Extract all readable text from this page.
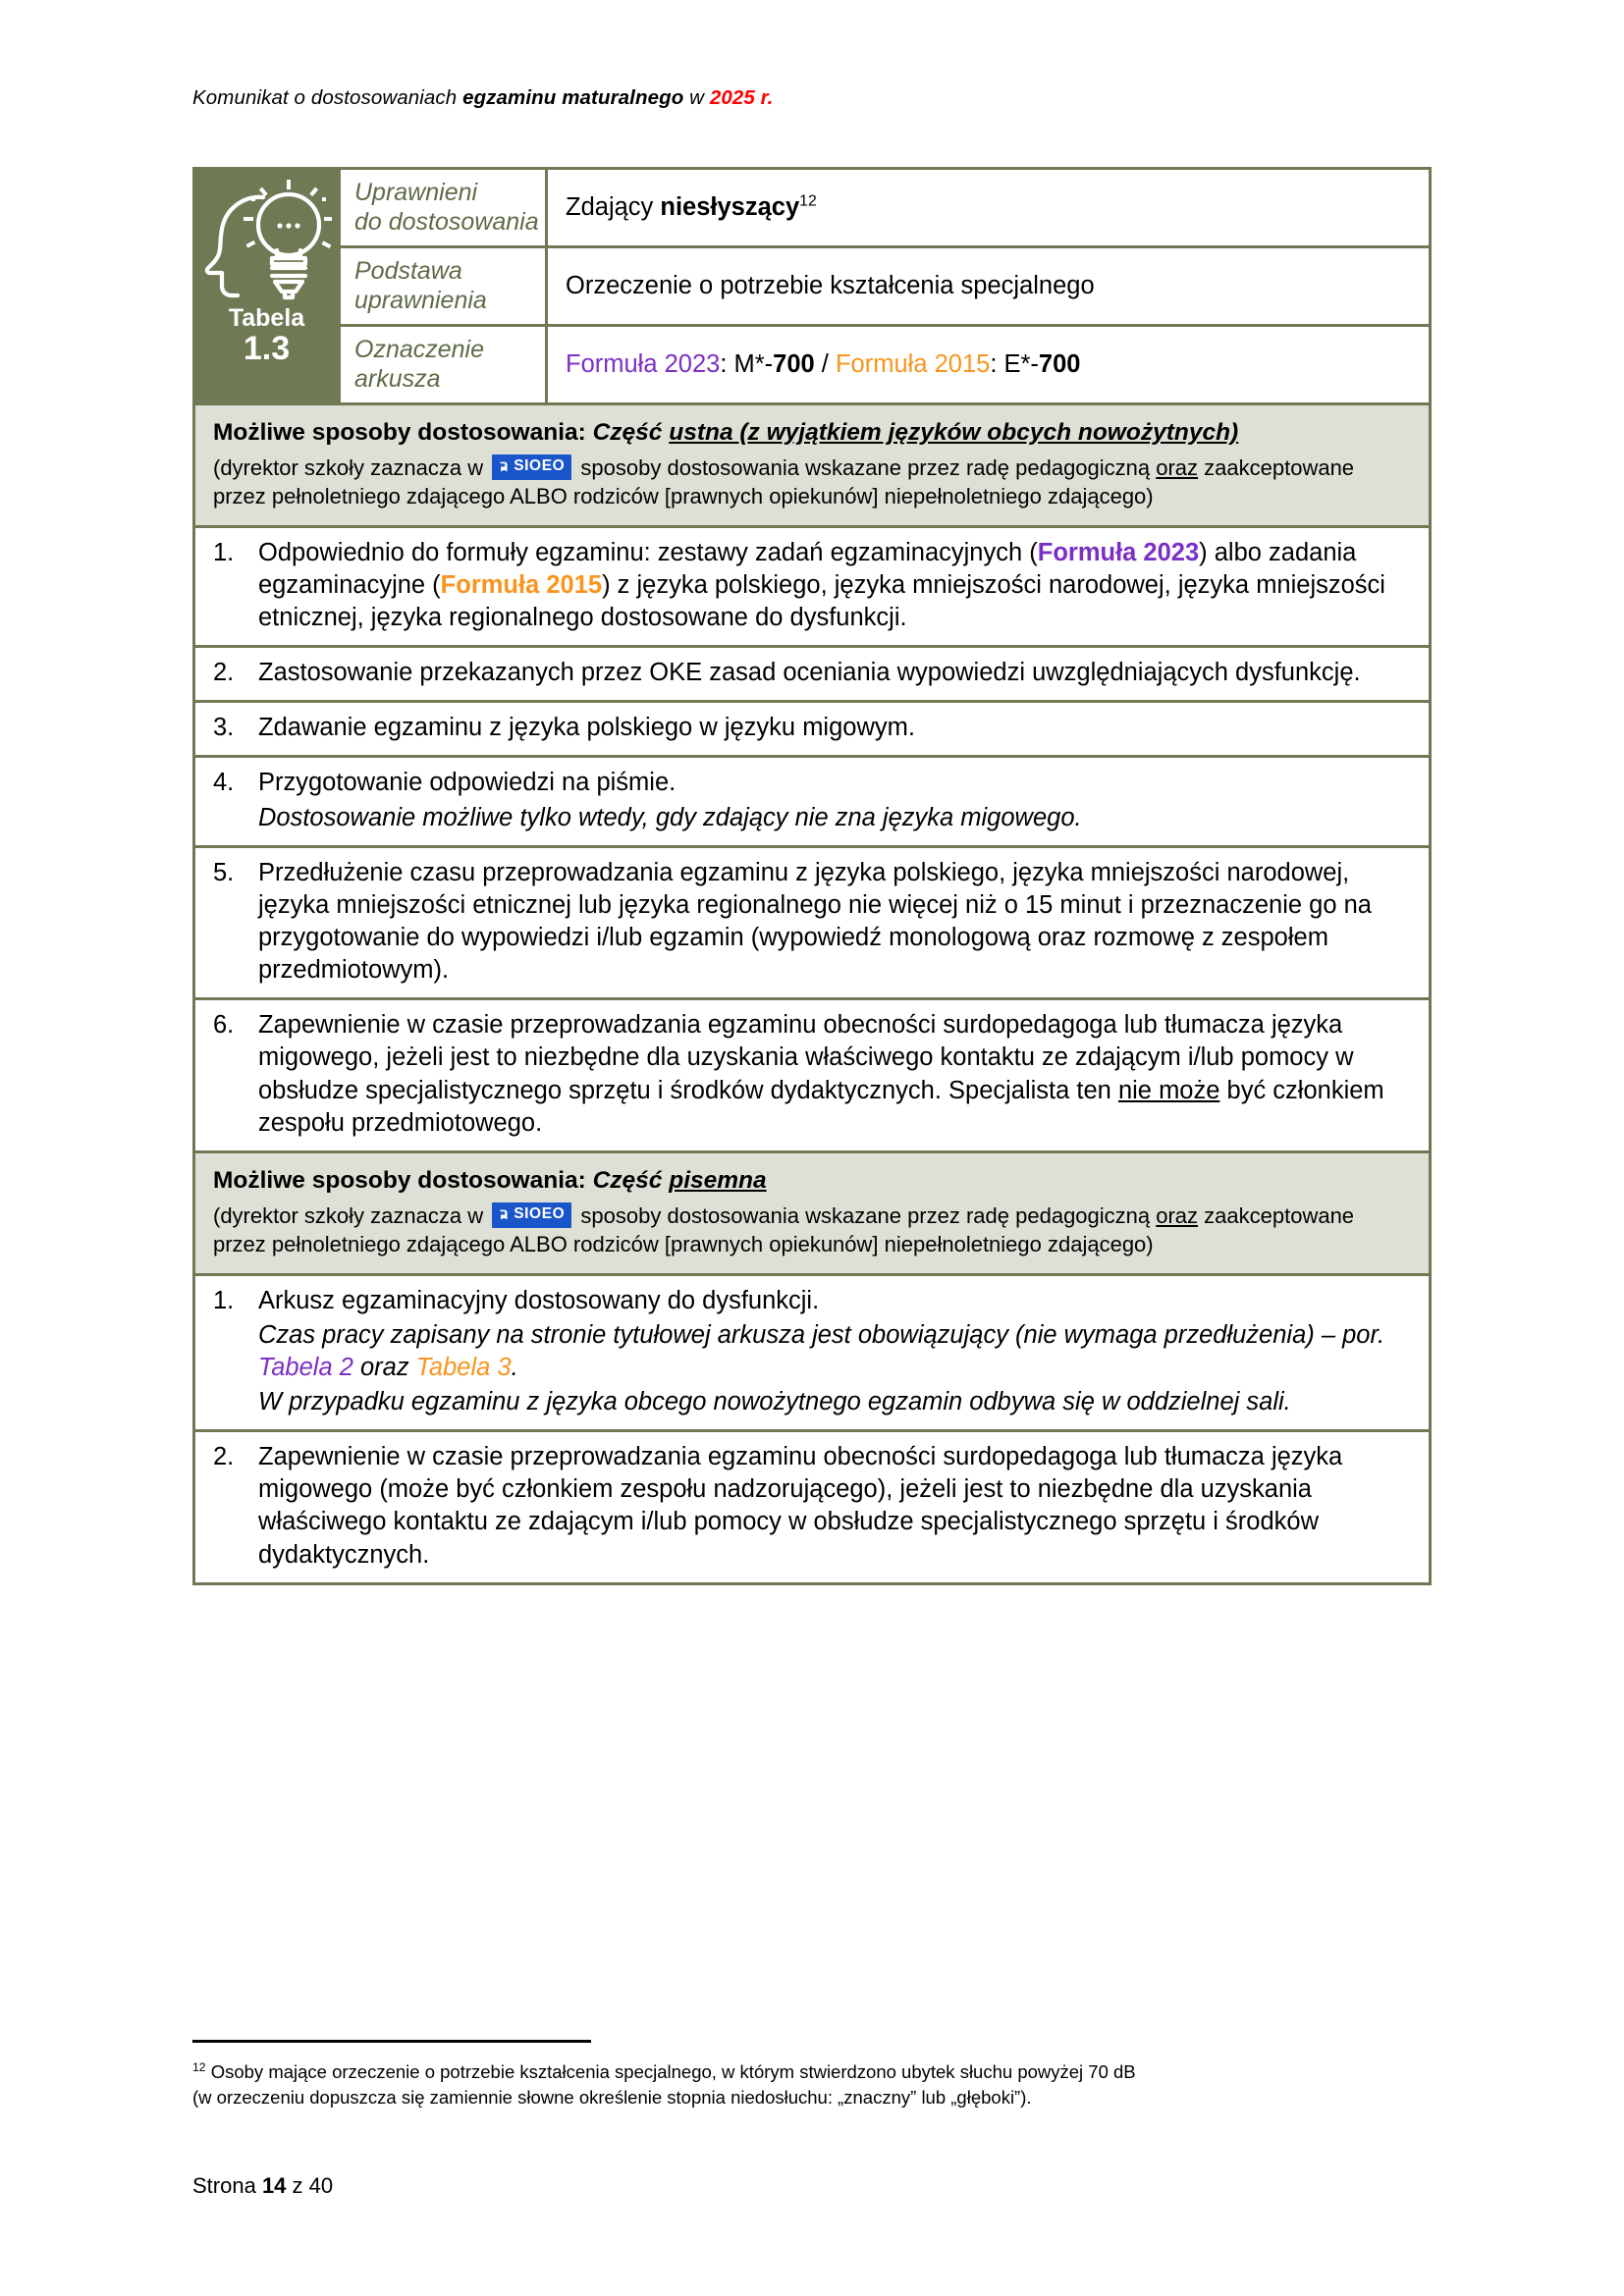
Komunikat o dostosowaniach egzaminu maturalnego w 2025 r.
Tabela
1.3
Uprawnieni
do dostosowania
Zdający niesłyszący$^{12}$
Podstawa
uprawnienia
Orzeczenie o potrzebie kształcenia specjalnego
Oznaczenie
arkusza
Formuła 2023: M*-700 / Formuła 2015: E*-700
Możliwe sposoby dostosowania: Część ustna (z wyjątkiem języków obcych nowożytnych)
(dyrektor szkoły zaznacza w SIOEO sposoby dostosowania wskazane przez radę pedagogiczną oraz zaakceptowane przez pełnoletniego zdającego ALBO rodziców [prawnych opiekunów] niepełnoletniego zdającego)
1. Odpowiednio do formuły egzaminu: zestawy zadań egzaminacyjnych (Formuła 2023) albo zadania egzaminacyjne (Formuła 2015) z języka polskiego, języka mniejszości narodowej, języka mniejszości etnicznej, języka regionalnego dostosowane do dysfunkcji.
2. Zastosowanie przekazanych przez OKE zasad oceniania wypowiedzi uwzględniających dysfunkcję.
3. Zdawanie egzaminu z języka polskiego w języku migowym.
4. Przygotowanie odpowiedzi na piśmie.
Dostosowanie możliwe tylko wtedy, gdy zdający nie zna języka migowego.
5. Przedłużenie czasu przeprowadzania egzaminu z języka polskiego, języka mniejszości narodowej, języka mniejszości etnicznej lub języka regionalnego nie więcej niż o 15 minut i przeznaczenie go na przygotowanie do wypowiedzi i/lub egzamin (wypowiedź monologową oraz rozmowę z zespołem przedmiotowym).
6. Zapewnienie w czasie przeprowadzania egzaminu obecności surdopedagoga lub tłumacza języka migowego, jeżeli jest to niezbędne dla uzyskania właściwego kontaktu ze zdającym i/lub pomocy w obsłudze specjalistycznego sprzętu i środków dydaktycznych. Specjalista ten nie może być członkiem zespołu przedmiotowego.
Możliwe sposoby dostosowania: Część pisemna
(dyrektor szkoły zaznacza w SIOEO sposoby dostosowania wskazane przez radę pedagogiczną oraz zaakceptowane przez pełnoletniego zdającego ALBO rodziców [prawnych opiekunów] niepełnoletniego zdającego)
1. Arkusz egzaminacyjny dostosowany do dysfunkcji.
Czas pracy zapisany na stronie tytułowej arkusza jest obowiązujący (nie wymaga przedłużenia) – por. Tabela 2 oraz Tabela 3.
W przypadku egzaminu z języka obcego nowożytnego egzamin odbywa się w oddzielnej sali.
2. Zapewnienie w czasie przeprowadzania egzaminu obecności surdopedagoga lub tłumacza języka migowego (może być członkiem zespołu nadzorującego), jeżeli jest to niezbędne dla uzyskania właściwego kontaktu ze zdającym i/lub pomocy w obsłudze specjalistycznego sprzętu i środków dydaktycznych.
$^{12}$ Osoby mające orzeczenie o potrzebie kształcenia specjalnego, w którym stwierdzono ubytek słuchu powyżej 70 dB
(w orzeczeniu dopuszcza się zamiennie słowne określenie stopnia niedosłuchu: „znaczny” lub „głęboki”).
Strona 14 z 40
